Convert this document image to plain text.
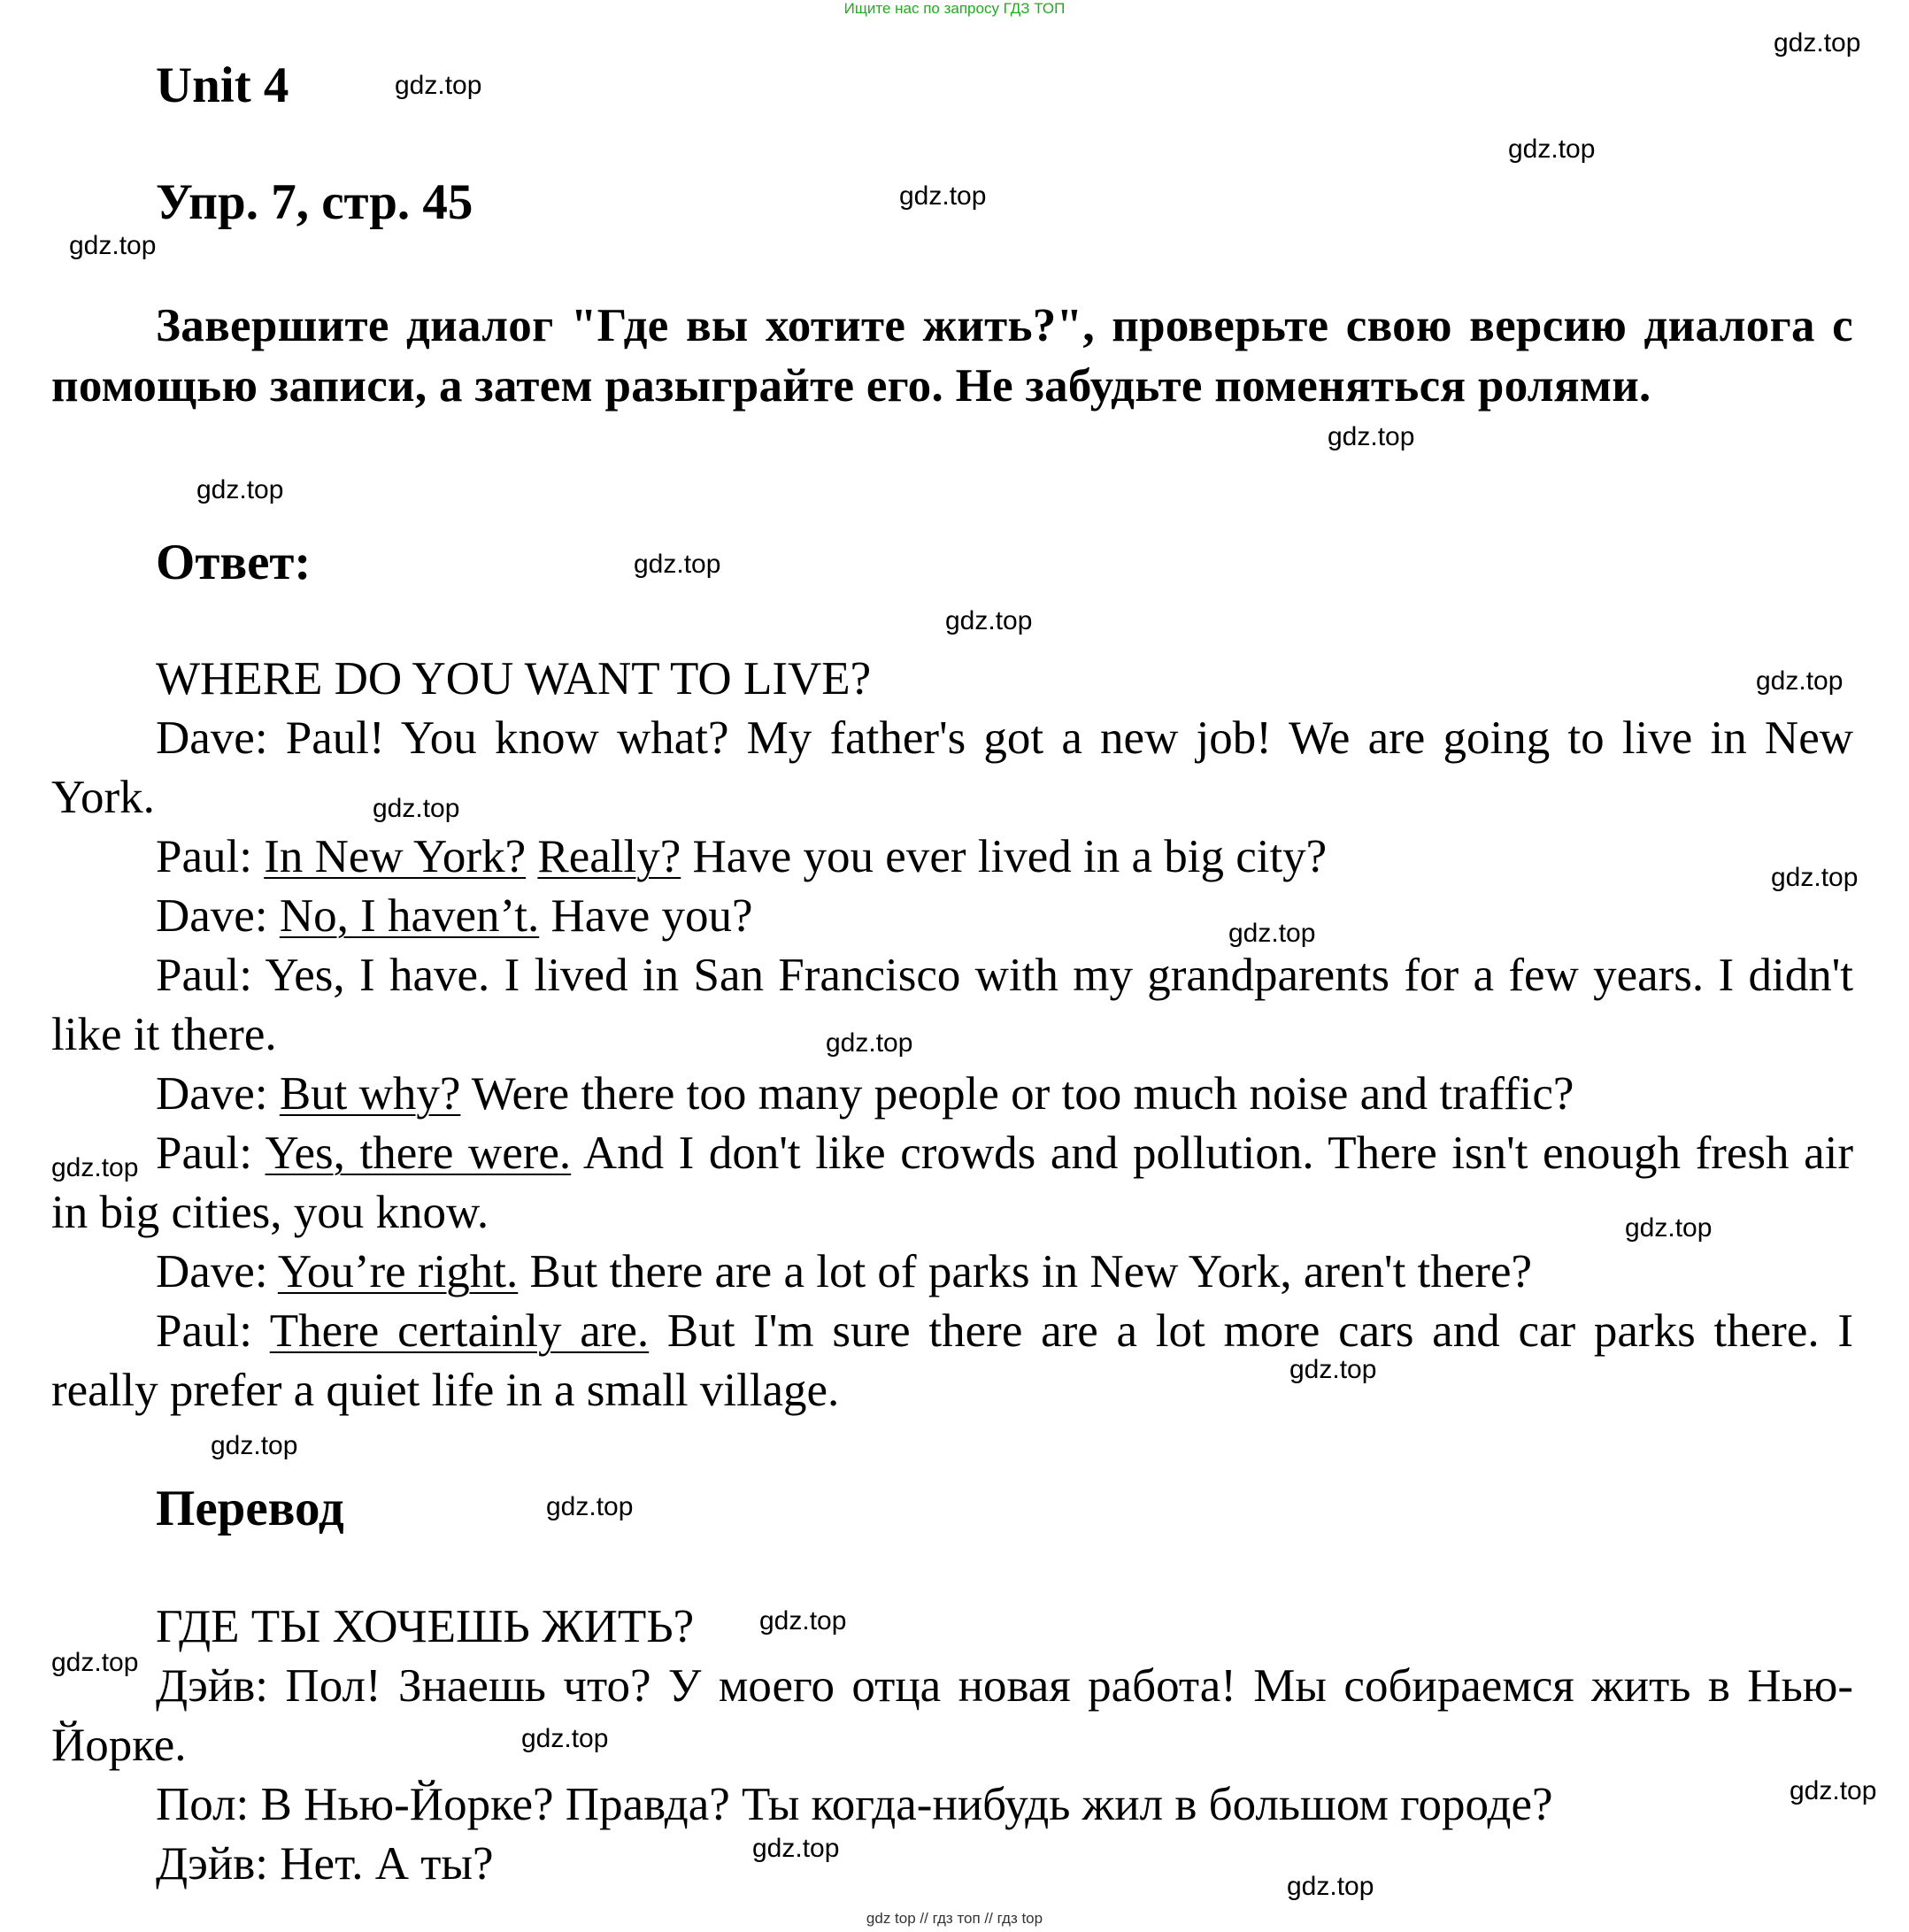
Ищите нас по запросу ГДЗ ТОП
gdz.top
gdz.top
gdz.top
gdz.top
gdz.top
gdz.top
gdz.top
gdz.top
gdz.top
gdz.top
gdz.top
gdz.top
gdz.top
gdz.top
gdz.top
gdz.top
gdz.top
gdz.top
gdz.top
gdz.top
gdz.top
gdz.top
gdz.top
gdz.top
gdz.top
Unit 4
Упр. 7, стр. 45
Завершите диалог "Где вы хотите жить?", проверьте свою версию диалога с помощью записи, а затем разыграйте его. Не забудьте поменяться ролями.
Ответ:

WHERE DO YOU WANT TO LIVE?

Dave: Paul! You know what? My father's got a new job! We are going to live in New York.

Paul: In New York? Really? Have you ever lived in a big city?

Dave: No, I haven’t. Have you?

Paul: Yes, I have. I lived in San Francisco with my grandparents for a few years. I didn't like it there.

Dave: But why? Were there too many people or too much noise and traffic?

Paul: Yes, there were. And I don't like crowds and pollution. There isn't enough fresh air in big cities, you know.

Dave: You’re right. But there are a lot of parks in New York, aren't there?

Paul: There certainly are. But I'm sure there are a lot more cars and car parks there. I really prefer a quiet life in a small village.

Перевод

ГДЕ ТЫ ХОЧЕШЬ ЖИТЬ?

Дэйв: Пол! Знаешь что? У моего отца новая работа! Мы собираемся жить в Нью-Йорке.

Пол: В Нью-Йорке? Правда? Ты когда-нибудь жил в большом городе?

Дэйв: Нет. А ты?

gdz top // гдз топ // гдз top
